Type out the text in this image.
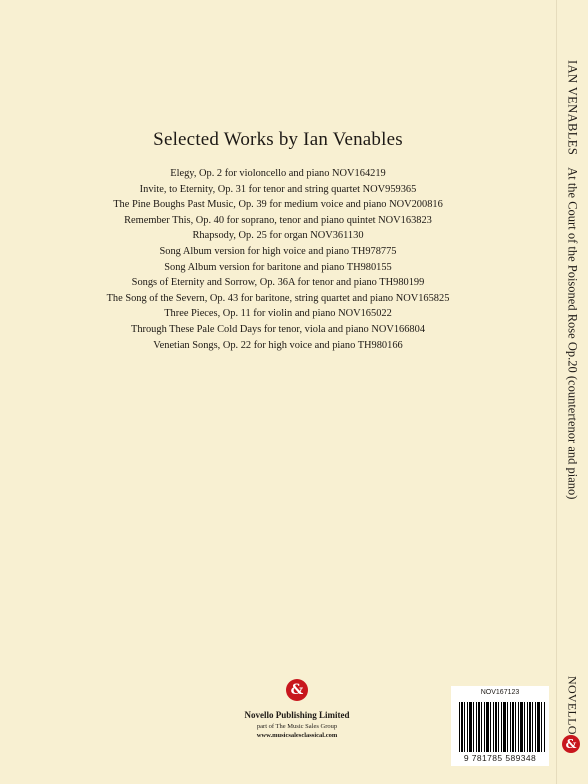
Selected Works by Ian Venables
Elegy, Op. 2 for violoncello and piano NOV164219
Invite, to Eternity, Op. 31 for tenor and string quartet NOV959365
The Pine Boughs Past Music, Op. 39 for medium voice and piano NOV200816
Remember This, Op. 40 for soprano, tenor and piano quintet NOV163823
Rhapsody, Op. 25 for organ NOV361130
Song Album version for high voice and piano TH978775
Song Album version for baritone and piano TH980155
Songs of Eternity and Sorrow, Op. 36A for tenor and piano TH980199
The Song of the Severn, Op. 43 for baritone, string quartet and piano NOV165825
Three Pieces, Op. 11 for violin and piano NOV165022
Through These Pale Cold Days for tenor, viola and piano NOV166804
Venetian Songs, Op. 22 for high voice and piano TH980166
&
Novello Publishing Limited
part of The Music Sales Group
www.musicsalesclassical.com
NOV167123
9 781785 589348
IAN VENABLESAt the Court of the Poisoned Rose Op.20 (countertenor and piano)
NOVELLO
&
